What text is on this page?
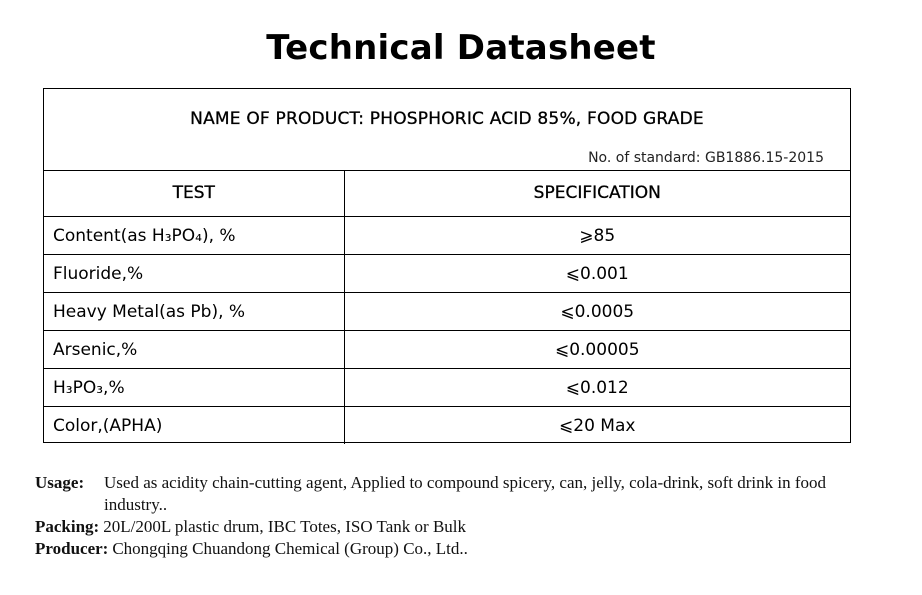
Technical Datasheet
NAME OF PRODUCT: PHOSPHORIC ACID 85%, FOOD GRADE
No. of standard: GB1886.15-2015
TEST	SPECIFICATION
Content(as H₃PO₄), %	⩾85
Fluoride,%	⩽0.001
Heavy Metal(as Pb), %	⩽0.0005
Arsenic,%	⩽0.00005
H₃PO₃,%	⩽0.012
Color,(APHA)	⩽20 Max
Usage:	Used as acidity chain-cutting agent, Applied to compound spicery, can, jelly, cola-drink, soft drink in food industry..
Packing: 20L/200L plastic drum, IBC Totes, ISO Tank or Bulk
Producer: Chongqing Chuandong Chemical (Group) Co., Ltd..
